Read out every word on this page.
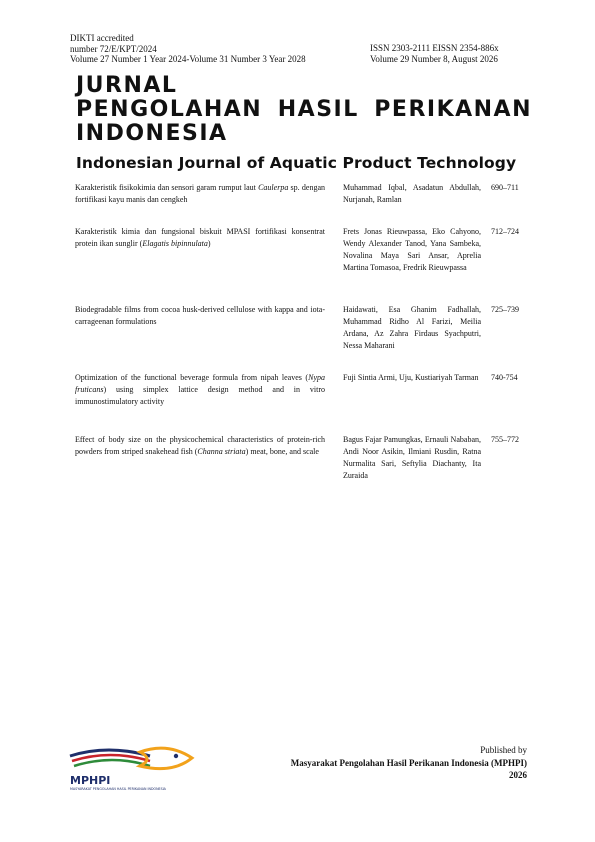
DIKTI accredited
number 72/E/KPT/2024
Volume 27 Number 1 Year 2024-Volume 31 Number 3 Year 2028
ISSN 2303-2111 EISSN 2354-886x
Volume 29 Number 8, August 2026
JURNAL
PENGOLAHAN HASIL PERIKANAN
INDONESIA
Indonesian Journal of Aquatic Product Technology
Karakteristik fisikokimia dan sensori garam rumput laut Caulerpa sp. dengan fortifikasi kayu manis dan cengkeh
Muhammad Iqbal, Asadatun Abdullah, Nurjanah, Ramlan
690–711
Karakteristik kimia dan fungsional biskuit MPASI fortifikasi konsentrat protein ikan sunglir (Elagatis bipinnulata)
Frets Jonas Rieuwpassa, Eko Cahyono, Wendy Alexander Tanod, Yana Sambeka, Novalina Maya Sari Ansar, Aprelia Martina Tomasoa, Fredrik Rieuwpassa
712–724
Biodegradable films from cocoa husk-derived cellulose with kappa and iota-carrageenan formulations
Haidawati, Esa Ghanim Fadhallah, Muhammad Ridho Al Farizi, Meilia Ardana, Az Zahra Firdaus Syachputri, Nessa Maharani
725–739
Optimization of the functional beverage formula from nipah leaves (Nypa fruticans) using simplex lattice design method and in vitro immunostimulatory activity
Fuji Sintia Armi, Uju, Kustiariyah Tarman	740-754
Effect of body size on the physicochemical characteristics of protein-rich powders from striped snakehead fish (Channa striata) meat, bone, and scale
Bagus Fajar Pamungkas, Ernauli Nababan, Andi Noor Asikin, Ilmiani Rusdin, Ratna Nurmalita Sari, Seftylia Diachanty, Ita Zuraida
755–772
MPHPI
MASYARAKAT PENGOLAHAN HASIL PERIKANAN INDONESIA
Published by
Masyarakat Pengolahan Hasil Perikanan Indonesia (MPHPI)
2026
